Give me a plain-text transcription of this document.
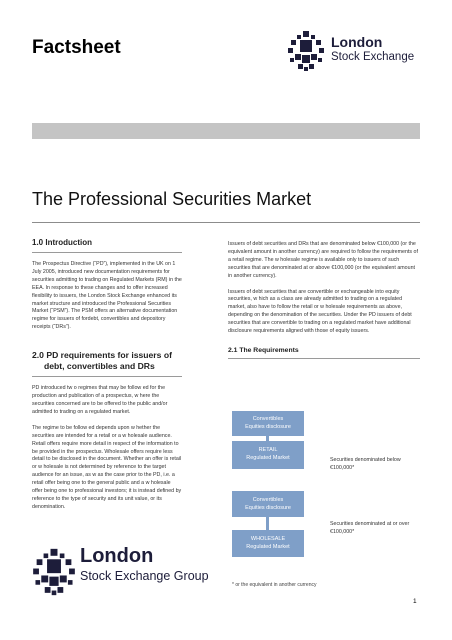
Factsheet	London
Stock Exchange
The Professional Securities Market
1.0 Introduction

The Prospectus Directive (“PD”), implemented in the UK on 1 July 2005, introduced new documentation requirements for securities admitting to trading on Regulated Markets (RM) in the EEA. In response to these changes and to offer increased flexibility to issuers, the London Stock Exchange enhanced its market structure and introduced the Professional Securities Market (“PSM”). The PSM offers an alternative documentation regime for issuers of fordebt, convertibles and depository receipts (“DRs”).

2.0 PD requirements for issuers of
debt, convertibles and DRs

PD introduced tw o regimes that may be follow ed for the production and publication of a prospectus, w here the securities concerned are to be offered to the public and/or admitted to trading on a regulated market.

The regime to be follow ed depends upon w hether the securities are intended for a retail or a w holesale audience. Retail offers require more detail in respect of the information to be provided in the prospectus. Wholesale offers require less detail to be disclosed in the document. Whether an offer is retail or w holesale is not determined by reference to the target audience for an issue, as w as the case prior to the PD, i.e. a retail offer being one to the general public and a w holesale offer being one to professional investors; it is instead defined by reference to the type of security and its unit value, or its denomination.

Issuers of debt securities and DRs that are denominated below €100,000 (or the equivalent amount in another currency) are required to follow the requirements of a retail regime. The w holesale regime is available only to issuers of such securities that are denominated at or above €100,000 (or the equivalent amount in another currency).

Issuers of debt securities that are convertible or exchangeable into equity securities, w hich as a class are already admitted to trading on a regulated market, also have to follow the retail or w holesale requirements as above, depending on the denomination of the securities. Under the PD issuers of debt securities that are convertible to trading on a regulated market have additional disclosure requirements aligned with those of equity issuers.

2.1 The Requirements
Convertibles
Equities disclosure
RETAIL
Regulated Market
Convertibles
Equities disclosure
WHOLESALE
Regulated Market
Securities denominated below €100,000*
Securities denominated at or over €100,000*
* or the equivalent in another currency
London
Stock Exchange Group
1
